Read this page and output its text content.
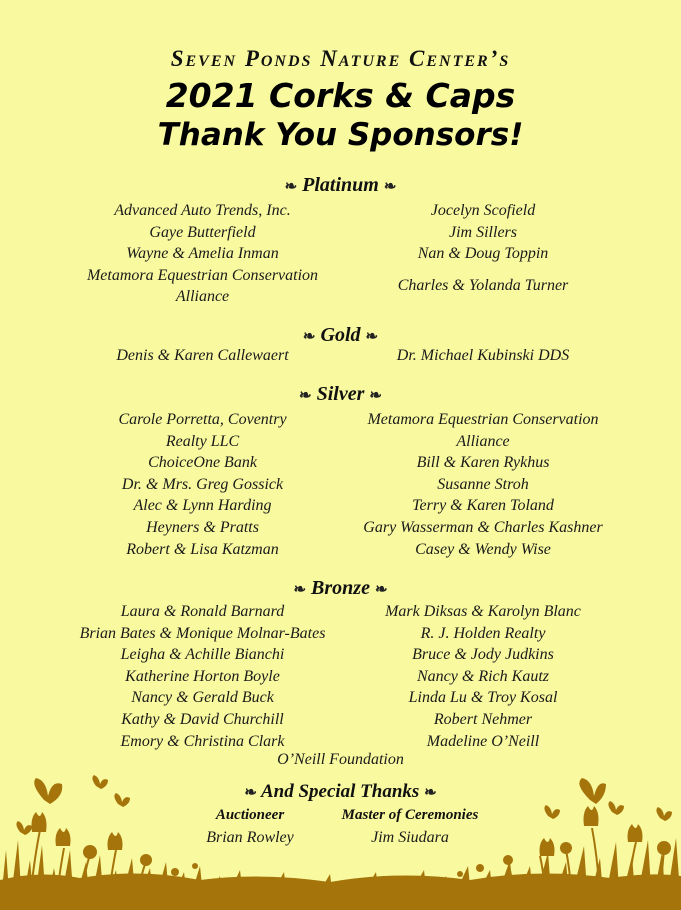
Seven Ponds Nature Center’s
2021 Corks & Caps
Thank You Sponsors!
❧ Platinum ❧
Advanced Auto Trends, Inc.
Gaye Butterfield
Wayne & Amelia Inman
Metamora Equestrian Conservation Alliance
Jocelyn Scofield
Jim Sillers
Nan & Doug Toppin
Charles & Yolanda Turner
❧ Gold ❧
Denis & Karen Callewaert	Dr. Michael Kubinski DDS
❧ Silver ❧
Carole Porretta, Coventry Realty LLC
ChoiceOne Bank
Dr. & Mrs. Greg Gossick
Alec & Lynn Harding
Heyners & Pratts
Robert & Lisa Katzman
Metamora Equestrian Conservation Alliance
Bill & Karen Rykhus
Susanne Stroh
Terry & Karen Toland
Gary Wasserman & Charles Kashner
Casey & Wendy Wise
❧ Bronze ❧
Laura & Ronald Barnard
Brian Bates & Monique Molnar-Bates
Leigha & Achille Bianchi
Katherine Horton Boyle
Nancy & Gerald Buck
Kathy & David Churchill
Emory & Christina Clark
Mark Diksas & Karolyn Blanc
R. J. Holden Realty
Bruce & Jody Judkins
Nancy & Rich Kautz
Linda Lu & Troy Kosal
Robert Nehmer
Madeline O’Neill
O’Neill Foundation
❧ And Special Thanks ❧
Auctioneer
Brian Rowley
Master of Ceremonies
Jim Siudara
